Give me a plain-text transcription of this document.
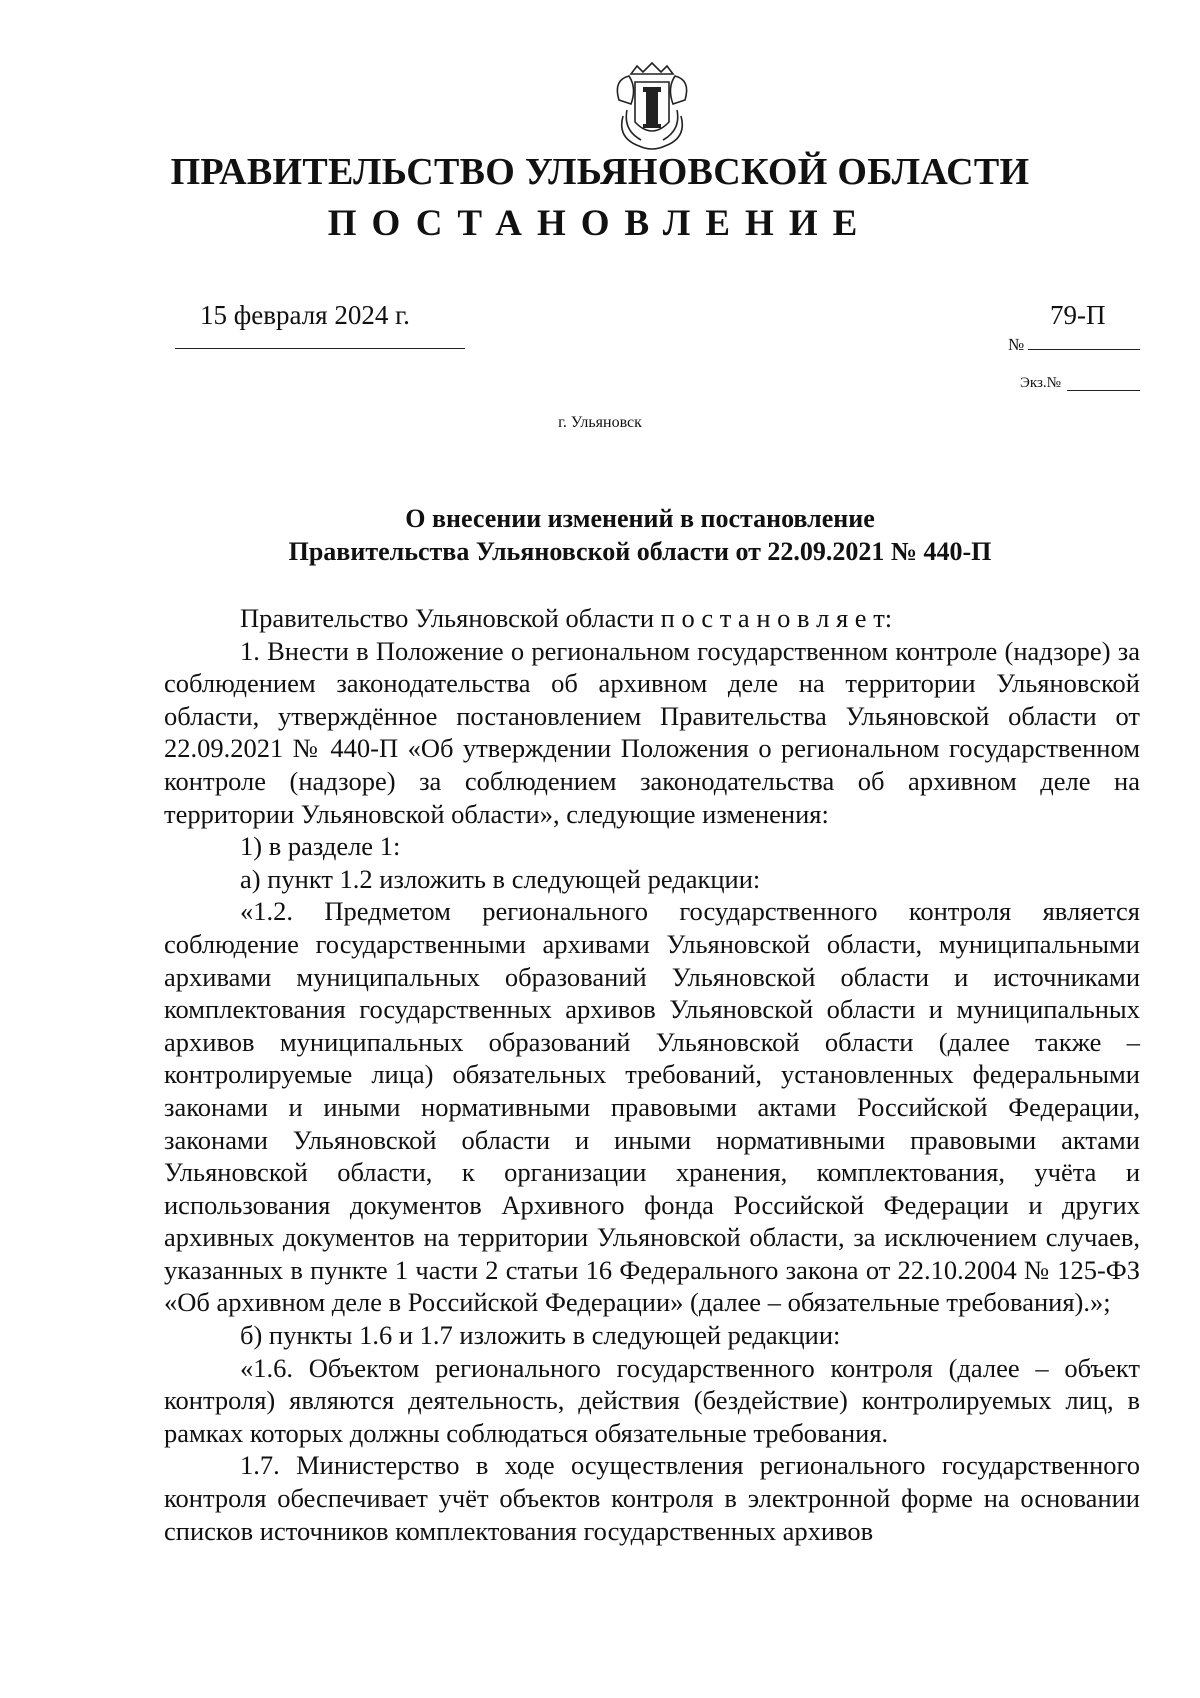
ПРАВИТЕЛЬСТВО УЛЬЯНОВСКОЙ ОБЛАСТИ
ПОСТАНОВЛЕНИЕ
15 февраля 2024 г.
№
79-П
Экз.№
г. Ульяновск
О внесении изменений в постановление
Правительства Ульяновской области от 22.09.2021 № 440-П

Правительство Ульяновской области п о с т а н о в л я е т:

1. Внести в Положение о региональном государственном контроле (надзоре) за соблюдением законодательства об архивном деле на территории Ульяновской области, утверждённое постановлением Правительства Ульяновской области от 22.09.2021 № 440-П «Об утверждении Положения о региональном государственном контроле (надзоре) за соблюдением законодательства об архивном деле на территории Ульяновской области», следующие изменения:

1) в разделе 1:

а) пункт 1.2 изложить в следующей редакции:

«1.2. Предметом регионального государственного контроля является соблюдение государственными архивами Ульяновской области, муниципальными архивами муниципальных образований Ульяновской области и источниками комплектования государственных архивов Ульяновской области и муниципальных архивов муниципальных образований Ульяновской области (далее также – контролируемые лица) обязательных требований, установленных федеральными законами и иными нормативными правовыми актами Российской Федерации, законами Ульяновской области и иными нормативными правовыми актами Ульяновской области, к организации хранения, комплектования, учёта и использования документов Архивного фонда Российской Федерации и других архивных документов на территории Ульяновской области, за исключением случаев, указанных в пункте 1 части 2 статьи 16 Федерального закона от 22.10.2004 № 125-ФЗ «Об архивном деле в Российской Федерации» (далее – обязательные требования).»;

б) пункты 1.6 и 1.7 изложить в следующей редакции:

«1.6. Объектом регионального государственного контроля (далее – объект контроля) являются деятельность, действия (бездействие) контролируемых лиц, в рамках которых должны соблюдаться обязательные требования.

1.7. Министерство в ходе осуществления регионального государственного контроля обеспечивает учёт объектов контроля в электронной форме на основании списков источников комплектования государственных архивов
